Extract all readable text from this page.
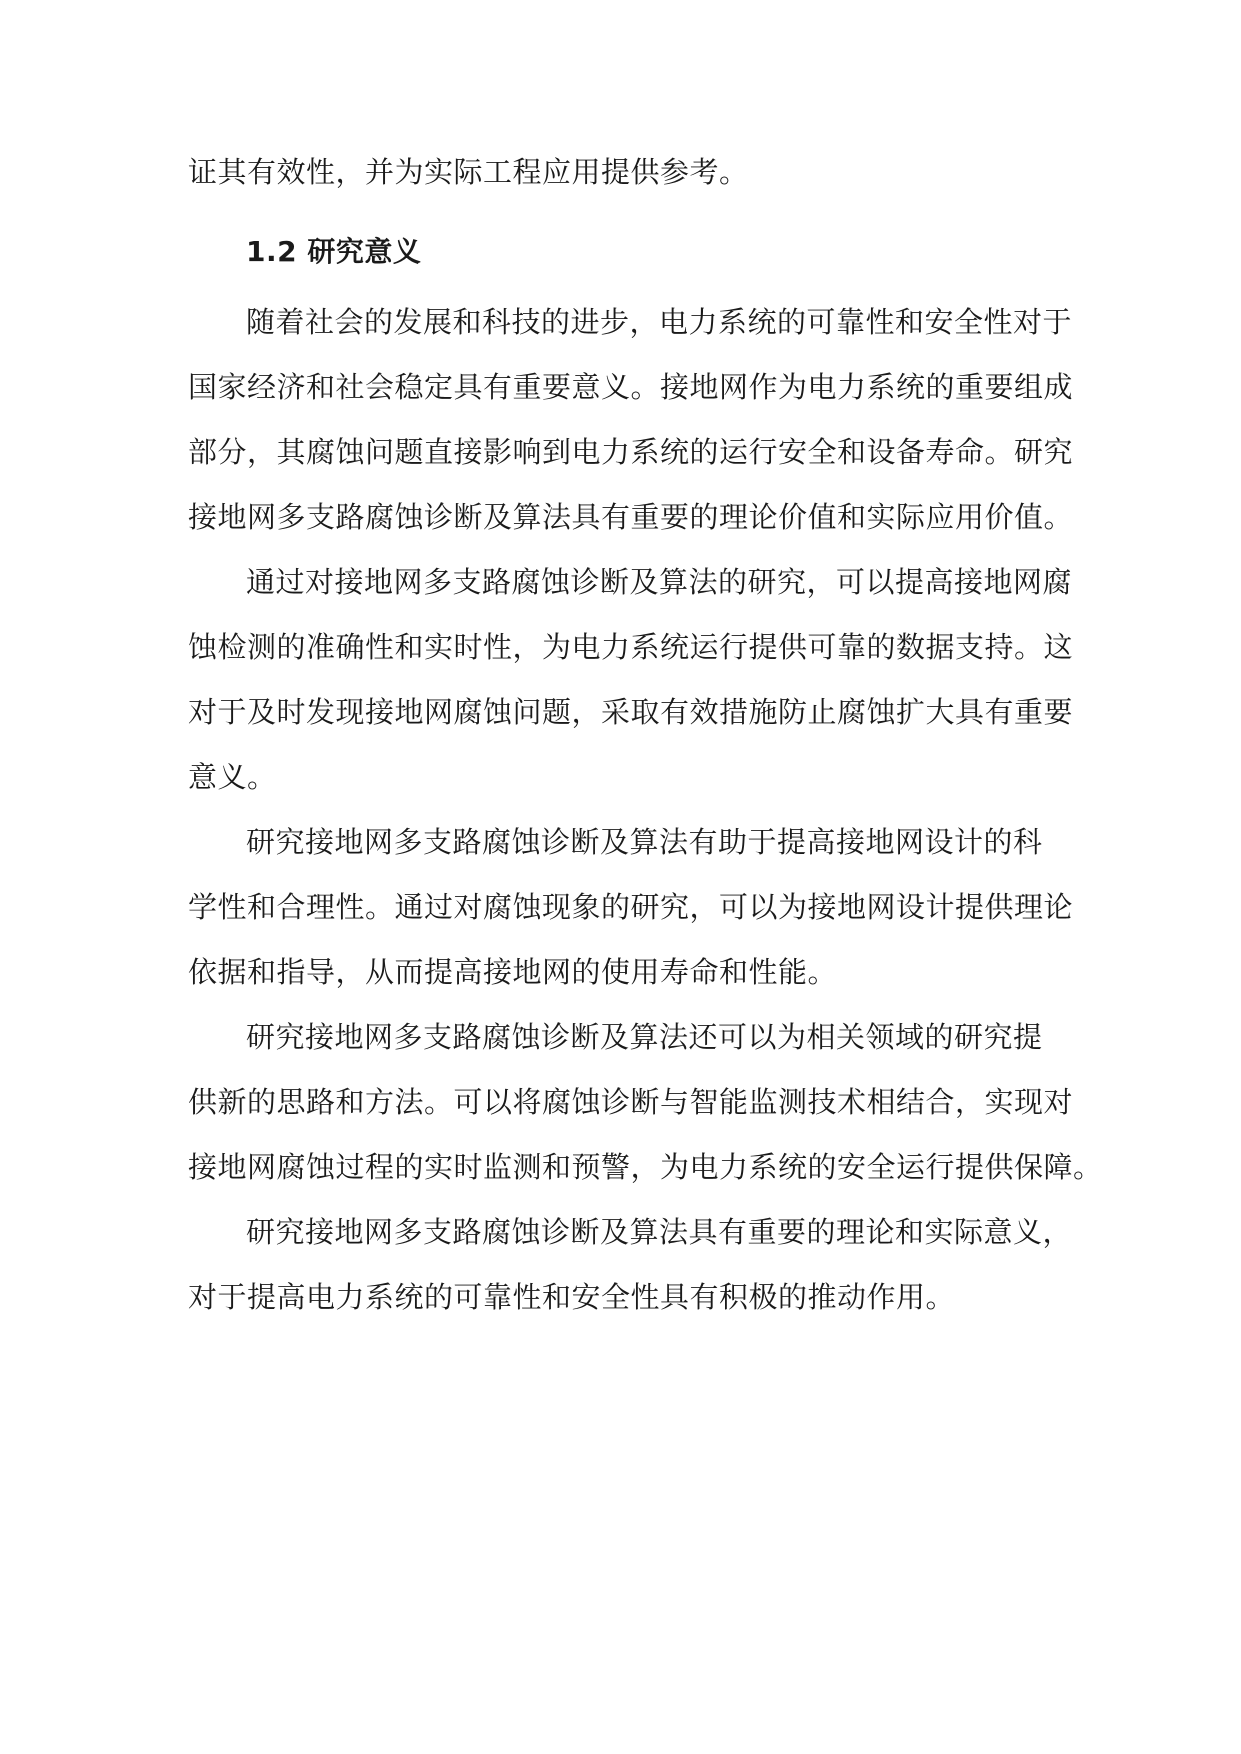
证其有效性，并为实际工程应用提供参考。
1.2 研究意义
随着社会的发展和科技的进步，电力系统的可靠性和安全性对于
国家经济和社会稳定具有重要意义。接地网作为电力系统的重要组成
部分，其腐蚀问题直接影响到电力系统的运行安全和设备寿命。研究
接地网多支路腐蚀诊断及算法具有重要的理论价值和实际应用价值。
通过对接地网多支路腐蚀诊断及算法的研究，可以提高接地网腐
蚀检测的准确性和实时性，为电力系统运行提供可靠的数据支持。这
对于及时发现接地网腐蚀问题，采取有效措施防止腐蚀扩大具有重要
意义。
研究接地网多支路腐蚀诊断及算法有助于提高接地网设计的科
学性和合理性。通过对腐蚀现象的研究，可以为接地网设计提供理论
依据和指导，从而提高接地网的使用寿命和性能。
研究接地网多支路腐蚀诊断及算法还可以为相关领域的研究提
供新的思路和方法。可以将腐蚀诊断与智能监测技术相结合，实现对
接地网腐蚀过程的实时监测和预警，为电力系统的安全运行提供保障。
研究接地网多支路腐蚀诊断及算法具有重要的理论和实际意义，
对于提高电力系统的可靠性和安全性具有积极的推动作用。
